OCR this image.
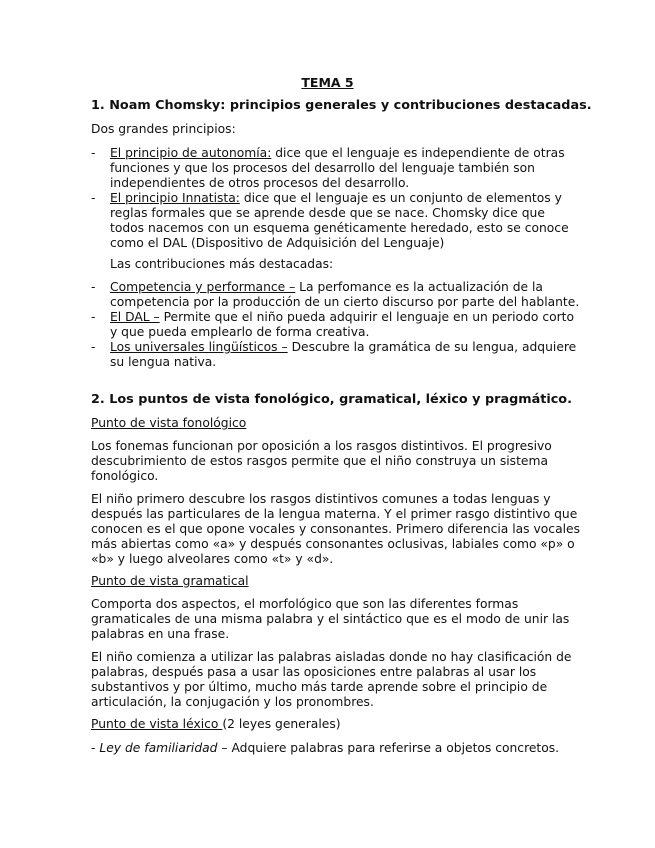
TEMA 5
1. Noam Chomsky: principios generales y contribuciones destacadas.
Dos grandes principios:
- El principio de autonomía: dice que el lenguaje es independiente de otras
funciones y que los procesos del desarrollo del lenguaje también son
independientes de otros procesos del desarrollo.
- El principio Innatista: dice que el lenguaje es un conjunto de elementos y
reglas formales que se aprende desde que se nace. Chomsky dice que
todos nacemos con un esquema genéticamente heredado, esto se conoce
como el DAL (Dispositivo de Adquisición del Lenguaje)
Las contribuciones más destacadas:
- Competencia y performance – La perfomance es la actualización de la
competencia por la producción de un cierto discurso por parte del hablante.
- El DAL – Permite que el niño pueda adquirir el lenguaje en un periodo corto
y que pueda emplearlo de forma creativa.
- Los universales lingüísticos – Descubre la gramática de su lengua, adquiere
su lengua nativa.
2. Los puntos de vista fonológico, gramatical, léxico y pragmático.
Punto de vista fonológico
Los fonemas funcionan por oposición a los rasgos distintivos. El progresivo
descubrimiento de estos rasgos permite que el niño construya un sistema
fonológico.
El niño primero descubre los rasgos distintivos comunes a todas lenguas y
después las particulares de la lengua materna. Y el primer rasgo distintivo que
conocen es el que opone vocales y consonantes. Primero diferencia las vocales
más abiertas como «a» y después consonantes oclusivas, labiales como «p» o
«b» y luego alveolares como «t» y «d».
Punto de vista gramatical
Comporta dos aspectos, el morfológico que son las diferentes formas
gramaticales de una misma palabra y el sintáctico que es el modo de unir las
palabras en una frase.
El niño comienza a utilizar las palabras aisladas donde no hay clasificación de
palabras, después pasa a usar las oposiciones entre palabras al usar los
substantivos y por último, mucho más tarde aprende sobre el principio de
articulación, la conjugación y los pronombres.
Punto de vista léxico (2 leyes generales)
- Ley de familiaridad – Adquiere palabras para referirse a objetos concretos.
